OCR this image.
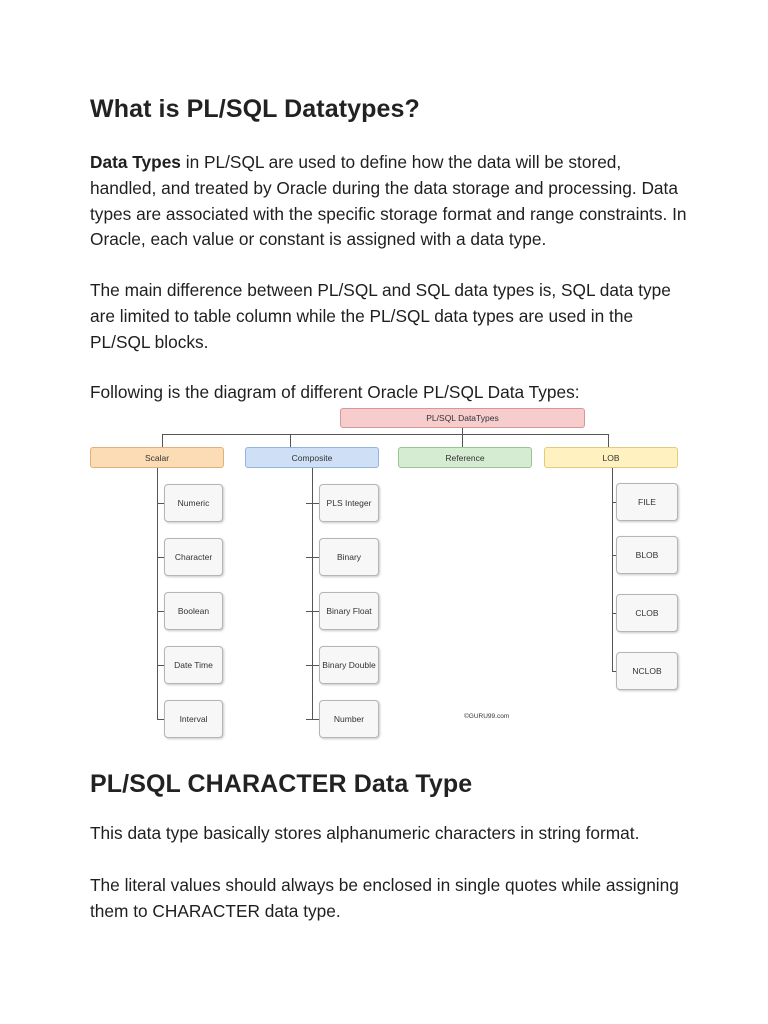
What is PL/SQL Datatypes?

Data Types in PL/SQL are used to define how the data will be stored, handled, and treated by Oracle during the data storage and processing. Data types are associated with the specific storage format and range constraints. In Oracle, each value or constant is assigned with a data type.

The main difference between PL/SQL and SQL data types is, SQL data type are limited to table column while the PL/SQL data types are used in the PL/SQL blocks.

Following is the diagram of different Oracle PL/SQL Data Types:

PL/SQL DataTypes
Scalar	Composite	Reference	LOB
Numeric
Character
Boolean
Date Time
Interval
PLS Integer
Binary
Binary Float
Binary Double
Number
FILE
BLOB
CLOB
NCLOB
©GURU99.com
PL/SQL CHARACTER Data Type

This data type basically stores alphanumeric characters in string format.

The literal values should always be enclosed in single quotes while assigning them to CHARACTER data type.
